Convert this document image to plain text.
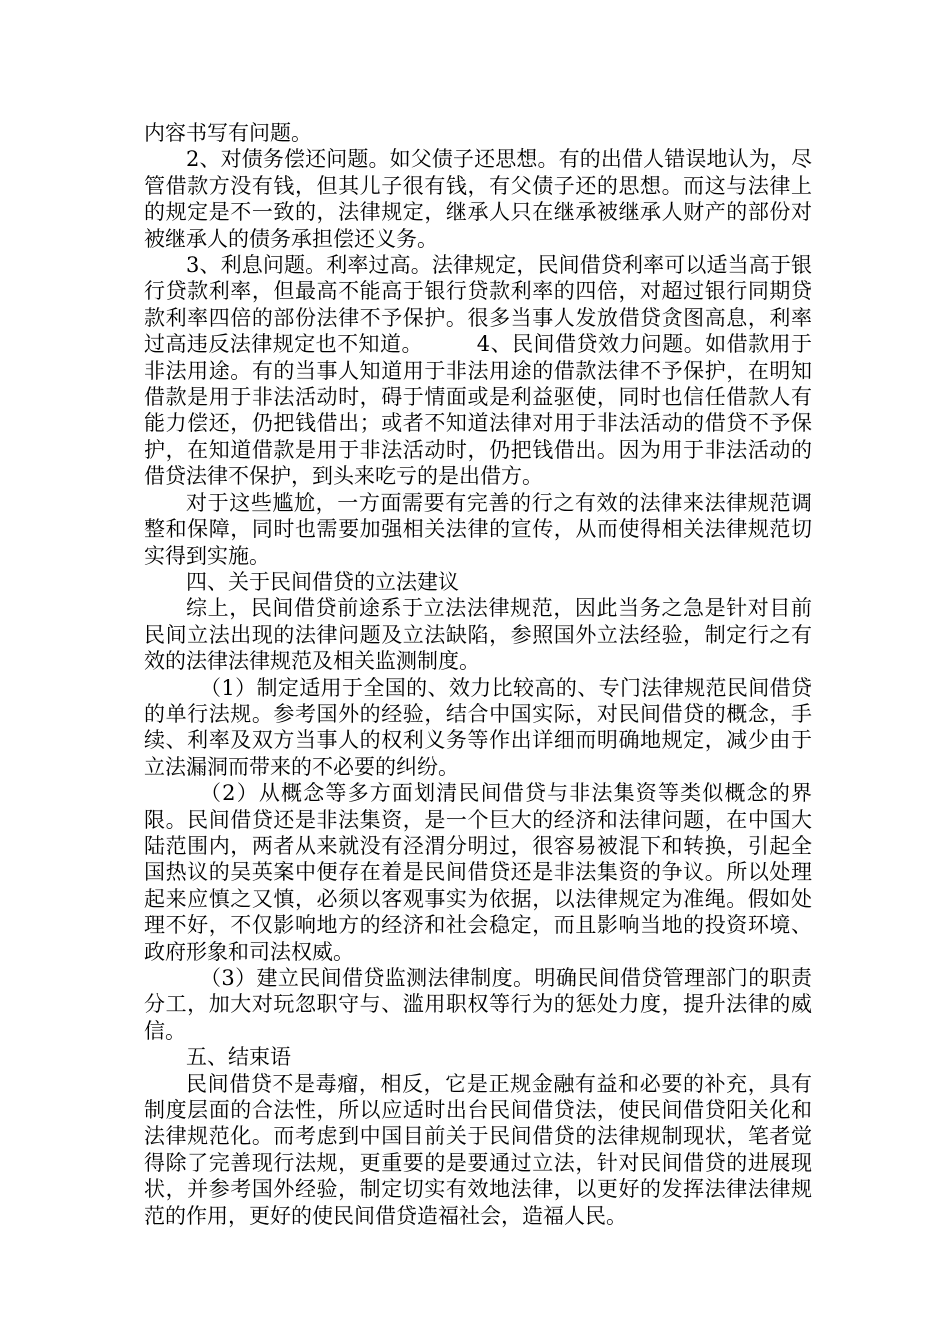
内容书写有问题。

2、对债务偿还问题。如父债子还思想。有的出借人错误地认为，尽管借款方没有钱，但其儿子很有钱，有父债子还的思想。而这与法律上的规定是不一致的，法律规定，继承人只在继承被继承人财产的部份对被继承人的债务承担偿还义务。

3、利息问题。利率过高。法律规定，民间借贷利率可以适当高于银行贷款利率，但最高不能高于银行贷款利率的四倍，对超过银行同期贷款利率四倍的部份法律不予保护。很多当事人发放借贷贪图高息，利率过高违反法律规定也不知道。　　　4、民间借贷效力问题。如借款用于非法用途。有的当事人知道用于非法用途的借款法律不予保护，在明知借款是用于非法活动时，碍于情面或是利益驱使，同时也信任借款人有能力偿还，仍把钱借出；或者不知道法律对用于非法活动的借贷不予保护，在知道借款是用于非法活动时，仍把钱借出。因为用于非法活动的借贷法律不保护，到头来吃亏的是出借方。

对于这些尴尬，一方面需要有完善的行之有效的法律来法律规范调整和保障，同时也需要加强相关法律的宣传，从而使得相关法律规范切实得到实施。

四、关于民间借贷的立法建议

综上，民间借贷前途系于立法法律规范，因此当务之急是针对目前民间立法出现的法律问题及立法缺陷，参照国外立法经验，制定行之有效的法律法律规范及相关监测制度。

（1）制定适用于全国的、效力比较高的、专门法律规范民间借贷的单行法规。参考国外的经验，结合中国实际，对民间借贷的概念，手续、利率及双方当事人的权利义务等作出详细而明确地规定，减少由于立法漏洞而带来的不必要的纠纷。

（2）从概念等多方面划清民间借贷与非法集资等类似概念的界限。民间借贷还是非法集资，是一个巨大的经济和法律问题，在中国大陆范围内，两者从来就没有泾渭分明过，很容易被混下和转换，引起全国热议的吴英案中便存在着是民间借贷还是非法集资的争议。所以处理起来应慎之又慎，必须以客观事实为依据，以法律规定为准绳。假如处理不好，不仅影响地方的经济和社会稳定，而且影响当地的投资环境、政府形象和司法权威。

（3）建立民间借贷监测法律制度。明确民间借贷管理部门的职责分工，加大对玩忽职守与、滥用职权等行为的惩处力度，提升法律的威信。

五、结束语

民间借贷不是毒瘤，相反，它是正规金融有益和必要的补充，具有制度层面的合法性，所以应适时出台民间借贷法，使民间借贷阳关化和法律规范化。而考虑到中国目前关于民间借贷的法律规制现状，笔者觉得除了完善现行法规，更重要的是要通过立法，针对民间借贷的进展现状，并参考国外经验，制定切实有效地法律，以更好的发挥法律法律规范的作用，更好的使民间借贷造福社会，造福人民。
